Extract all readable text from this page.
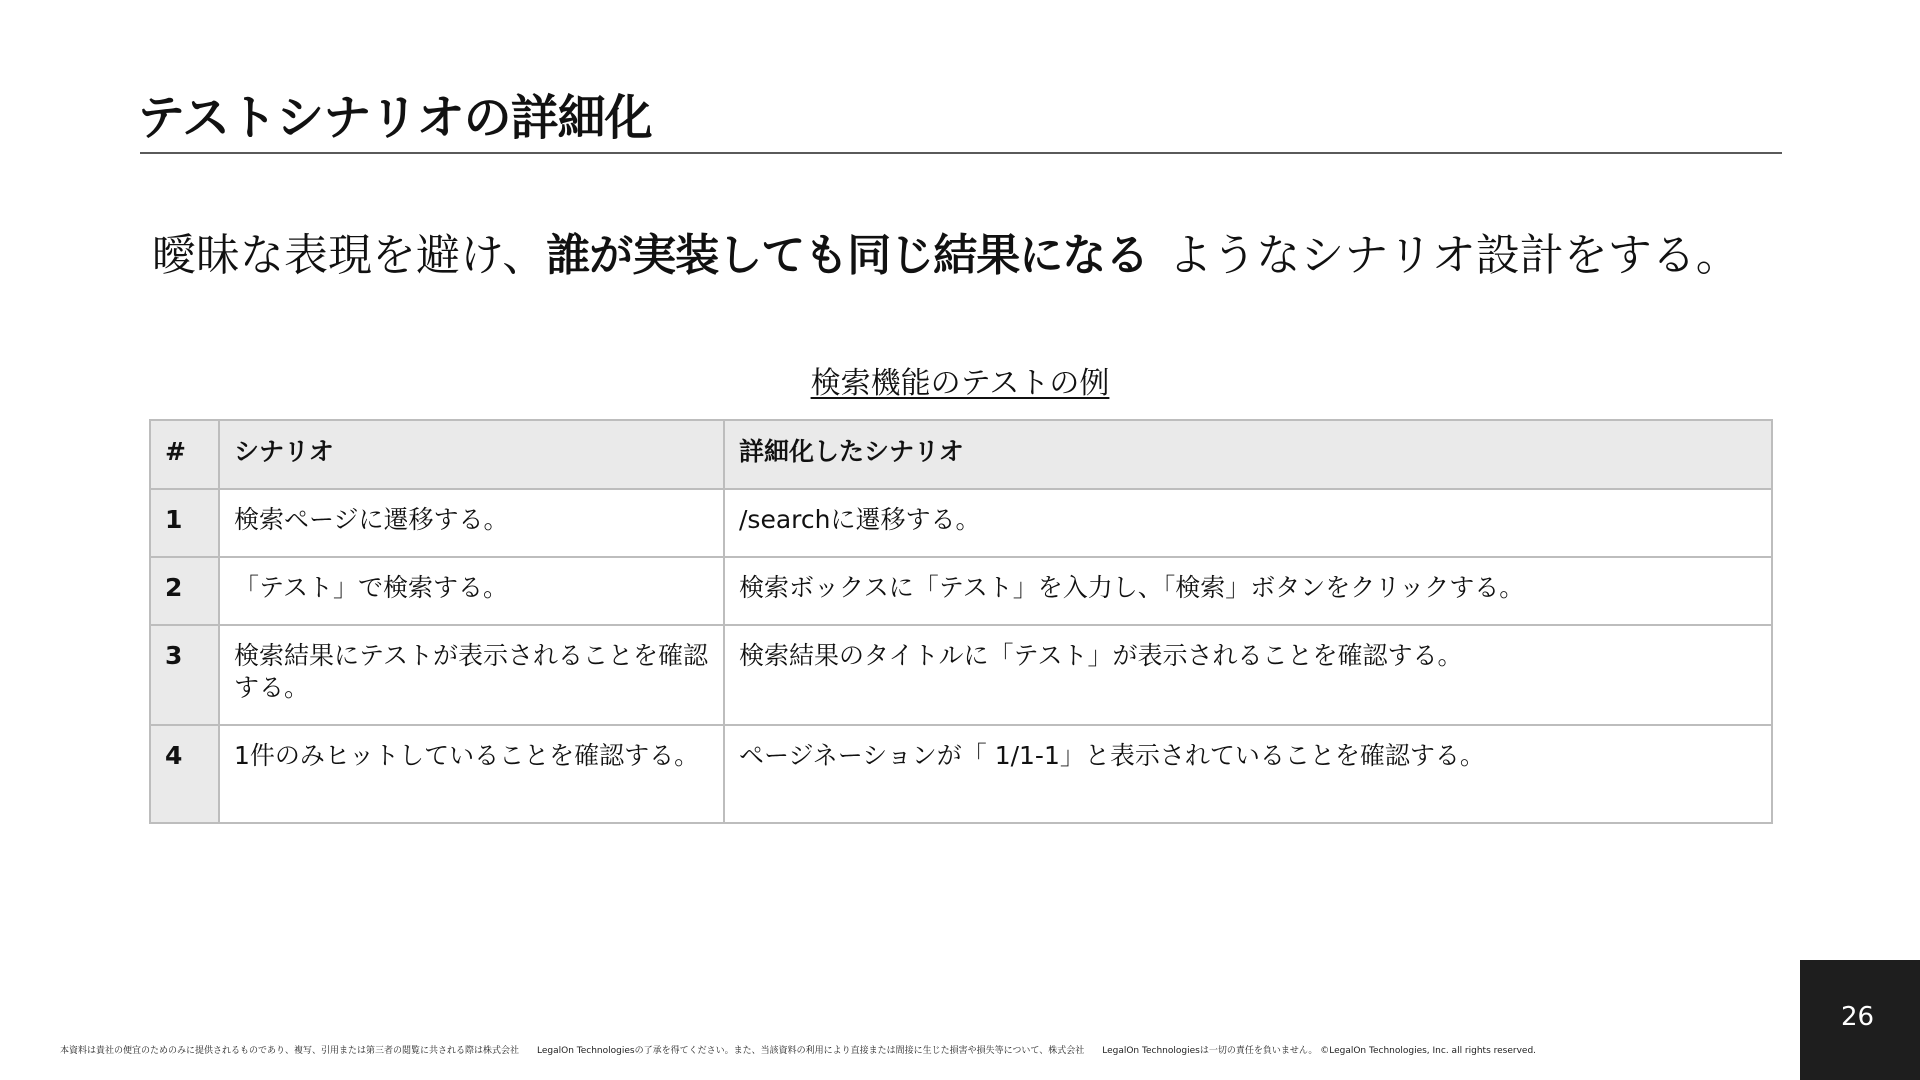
テストシナリオの詳細化
曖昧な表現を避け、誰が実装しても同じ結果になる ようなシナリオ設計をする。
検索機能のテストの例
#	シナリオ	詳細化したシナリオ
1	検索ページに遷移する。	/searchに遷移する。
2	「テスト」で検索する。	検索ボックスに「テスト」を入力し、「検索」ボタンをクリックする。
3	検索結果にテストが表示されることを確認する。	検索結果のタイトルに「テスト」が表示されることを確認する。
4	1件のみヒットしていることを確認する。	ページネーションが「 1/1-1」と表示されていることを確認する。
本資料は貴社の便宜のためのみに提供されるものであり、複写、引用または第三者の閲覧に共される際は株式会社　　LegalOn Technologiesの了承を得てください。また、当該資料の利用により直接または間接に生じた損害や損失等について、株式会社　　LegalOn Technologiesは一切の責任を負いません。 ©LegalOn Technologies, Inc. all rights reserved.
26
